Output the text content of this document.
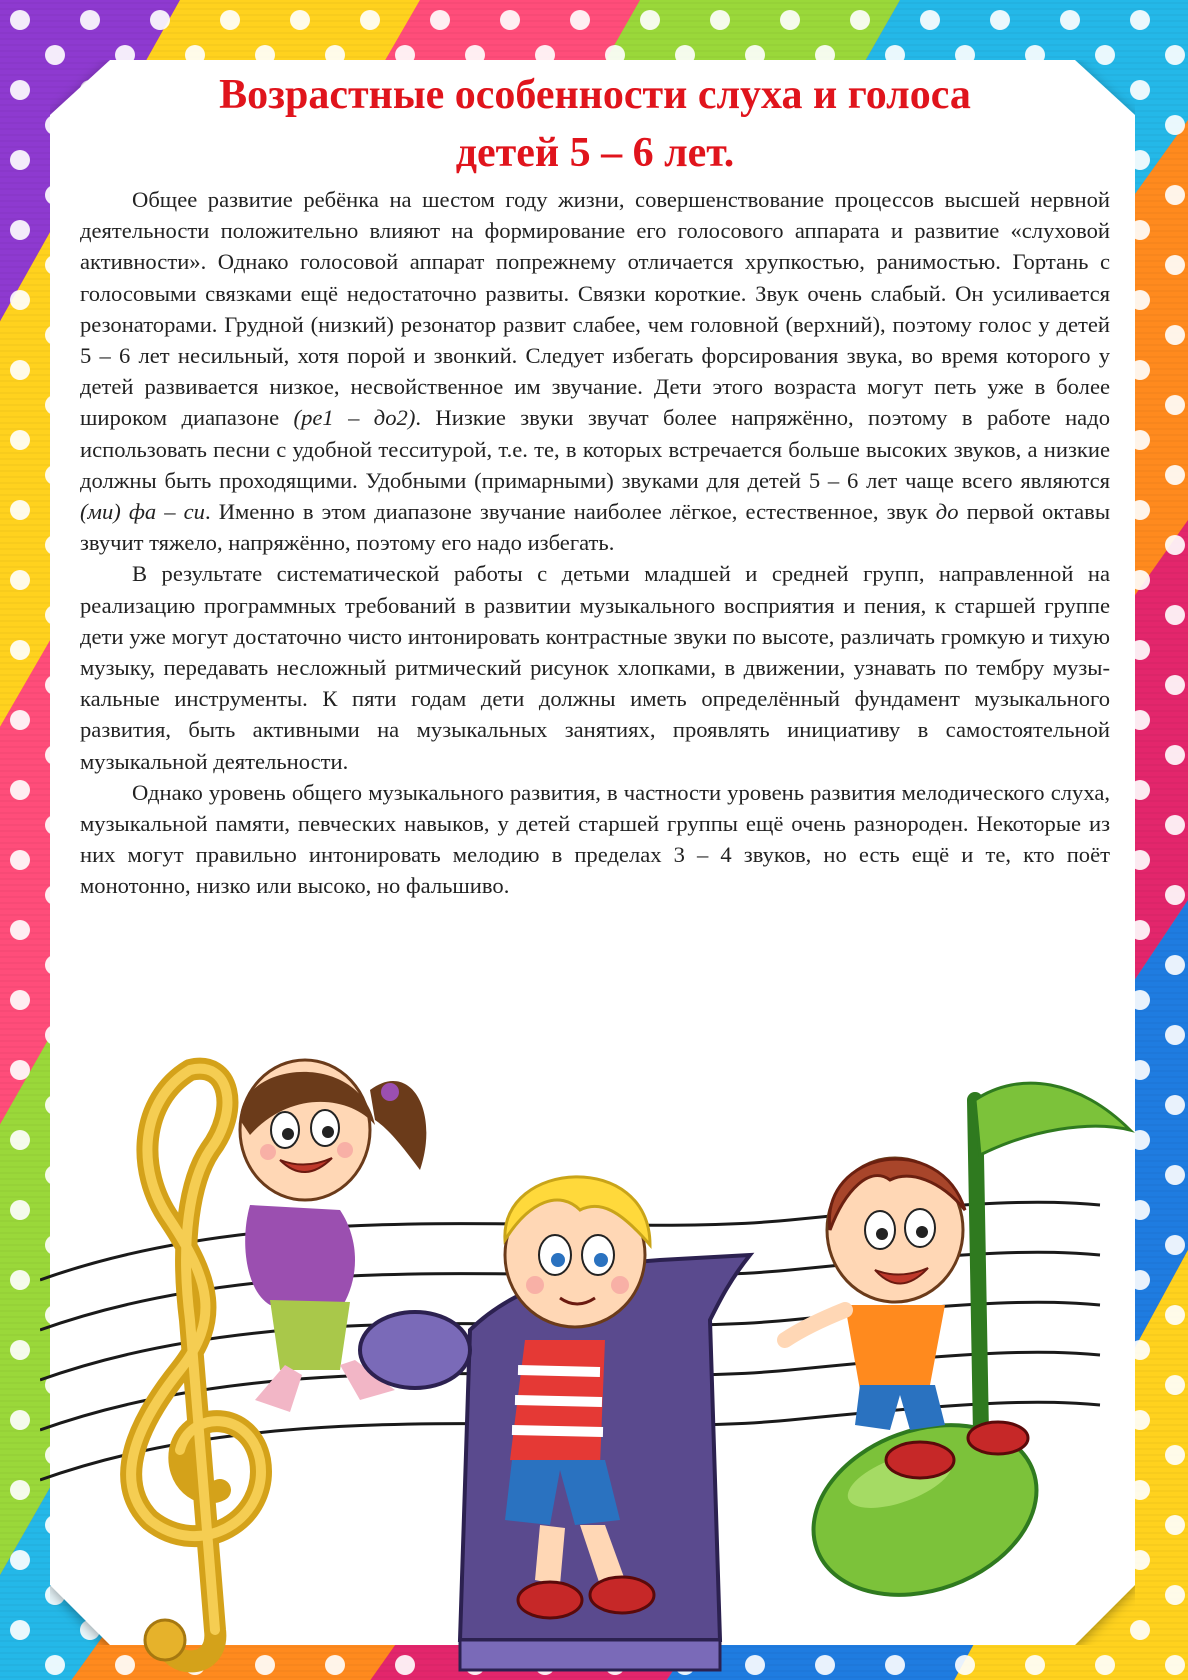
Возрастные особенности слуха и голоса
детей 5 – 6 лет.

Общее развитие ребёнка на шестом году жизни, совершенствование процессов высшей нервной деятельности положительно влияют на формирование его голосового аппарата и развитие «слуховой активности». Однако голосовой аппарат попрежнему отличается хрупкостью, ранимостью. Гортань с голосовыми связками ещё недостаточно развиты. Связки короткие. Звук очень слабый. Он усиливается резонаторами. Грудной (низкий) резонатор развит слабее, чем головной (верхний), поэтому голос у детей 5 – 6 лет несильный, хотя порой и звонкий. Следует избегать форсирования звука, во время которого у детей развивается низкое, несвойственное им звучание. Дети этого возраста могут петь уже в более широком диапазоне (ре1 – до2). Низкие звуки звучат более напряжённо, поэтому в работе надо использовать песни с удобной тесситурой, т.е. те, в которых встречается больше высоких звуков, а низкие должны быть проходящими. Удобными (примарными) звуками для детей 5 – 6 лет чаще всего являются (ми) фа – си. Именно в этом диапазоне звучание наиболее лёгкое, естественное, звук до первой октавы звучит тяжело, напряжённо, поэтому его надо избегать.

В результате систематической работы с детьми младшей и средней групп, направленной на реализацию программных требований в развитии музыкального восприятия и пения, к старшей группе дети уже могут достаточно чисто интонировать контрастные звуки по высоте, различать громкую и тихую музыку, передавать несложный ритмический рисунок хлопками, в движении, узнавать по тембру музыкальные инструменты. К пяти годам дети должны иметь определённый фундамент музыкального развития, быть активными на музыкальных занятиях, проявлять инициативу в самостоятельной музыкальной деятельности.

Однако уровень общего музыкального развития, в частности уровень развития мелодического слуха, музыкальной памяти, певческих навыков, у детей старшей группы ещё очень разнороден. Некоторые из них могут правильно интонировать мелодию в пределах 3 – 4 звуков, но есть ещё и те, кто поёт монотонно, низко или высоко, но фальшиво.
